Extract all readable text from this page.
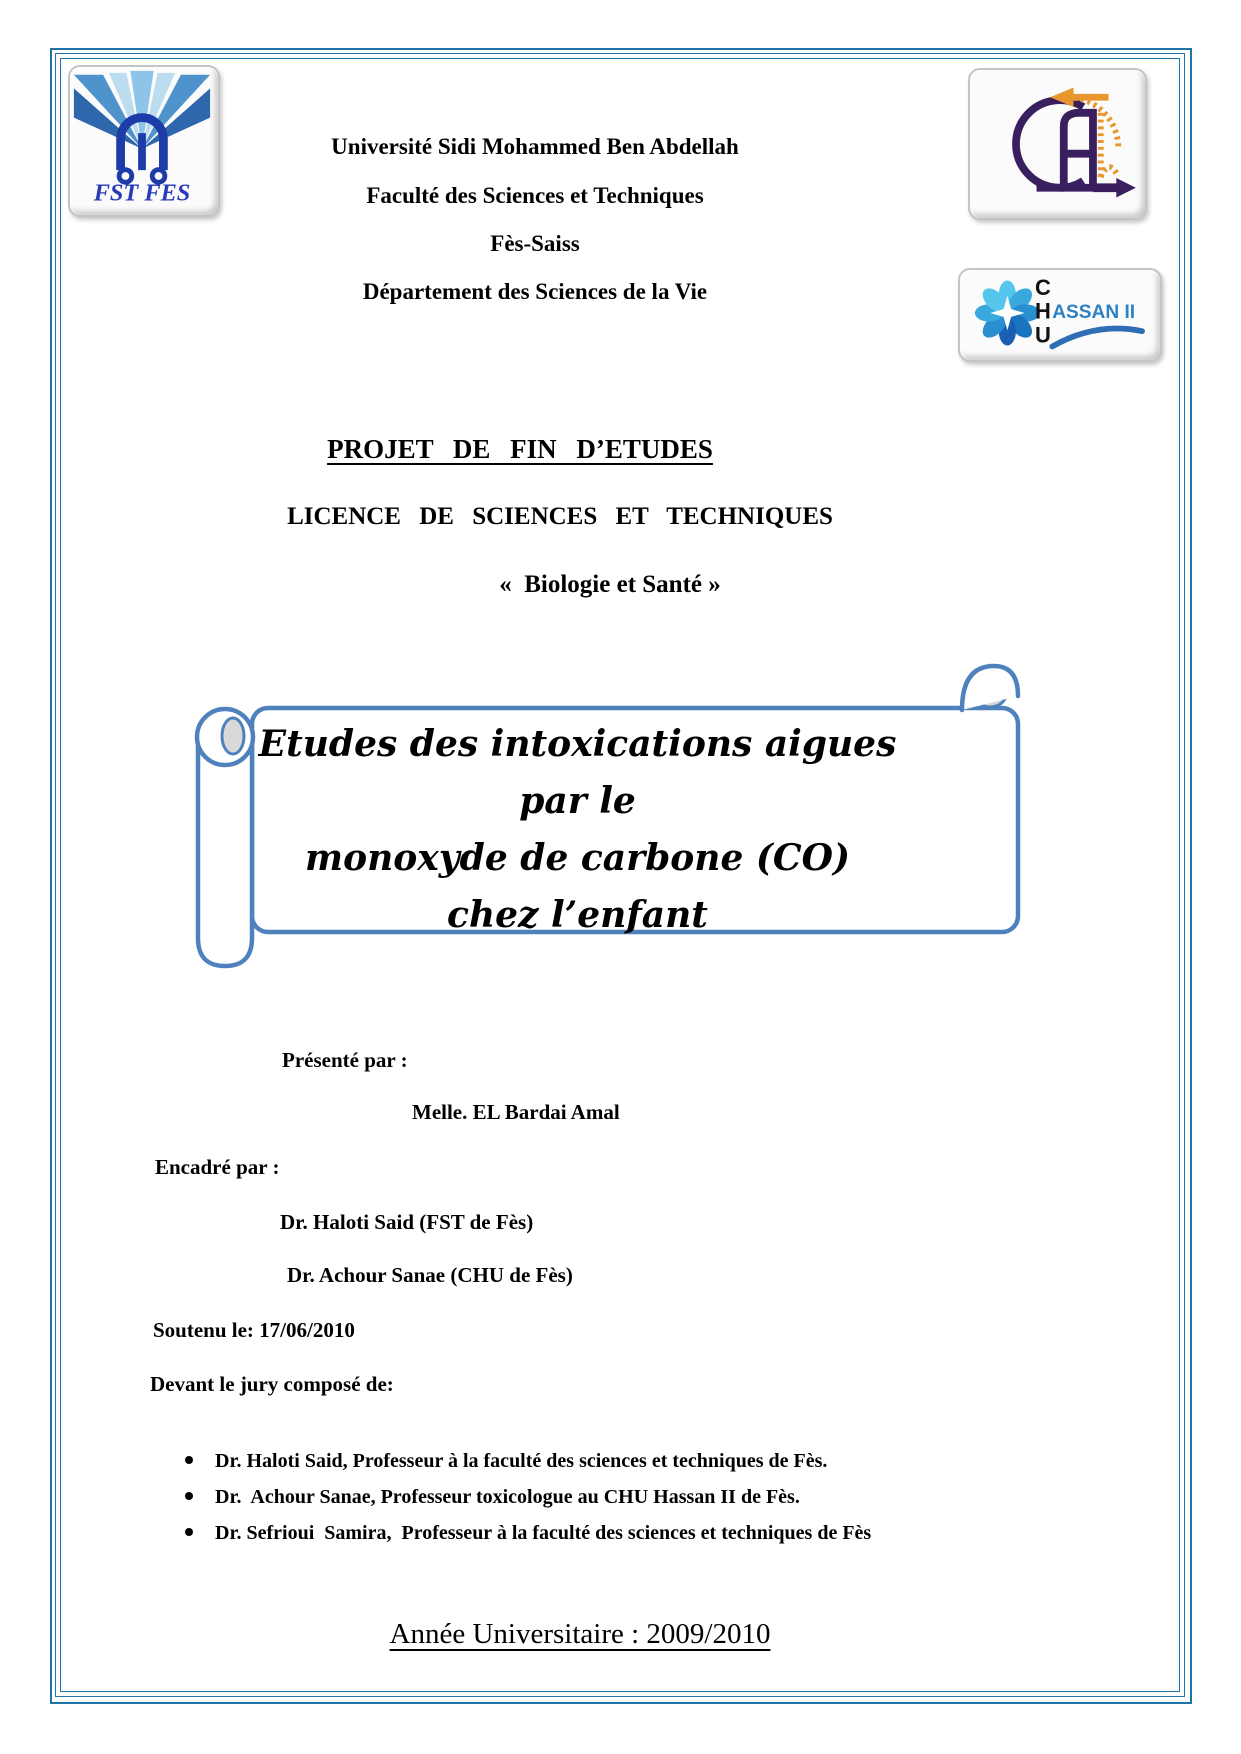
FST FES
C
H ASSAN II
U
Université Sidi Mohammed Ben Abdellah
Faculté des Sciences et Techniques
Fès-Saiss
Département des Sciences de la Vie
PROJET DE FIN D’ETUDES
LICENCE DE SCIENCES ET TECHNIQUES
«  Biologie et Santé »
Etudes des intoxications aigues par le
monoxyde de carbone (CO) chez l’enfant
Présenté par :
Melle. EL Bardai Amal
Encadré par :
Dr. Haloti Said (FST de Fès)
Dr. Achour Sanae (CHU de Fès)
Soutenu le: 17/06/2010
Devant le jury composé de:

Dr. Haloti Said, Professeur à la faculté des sciences et techniques de Fès.

Dr.  Achour Sanae, Professeur toxicologue au CHU Hassan II de Fès.

Dr. Sefrioui  Samira,  Professeur à la faculté des sciences et techniques de Fès

Année Universitaire : 2009/2010
